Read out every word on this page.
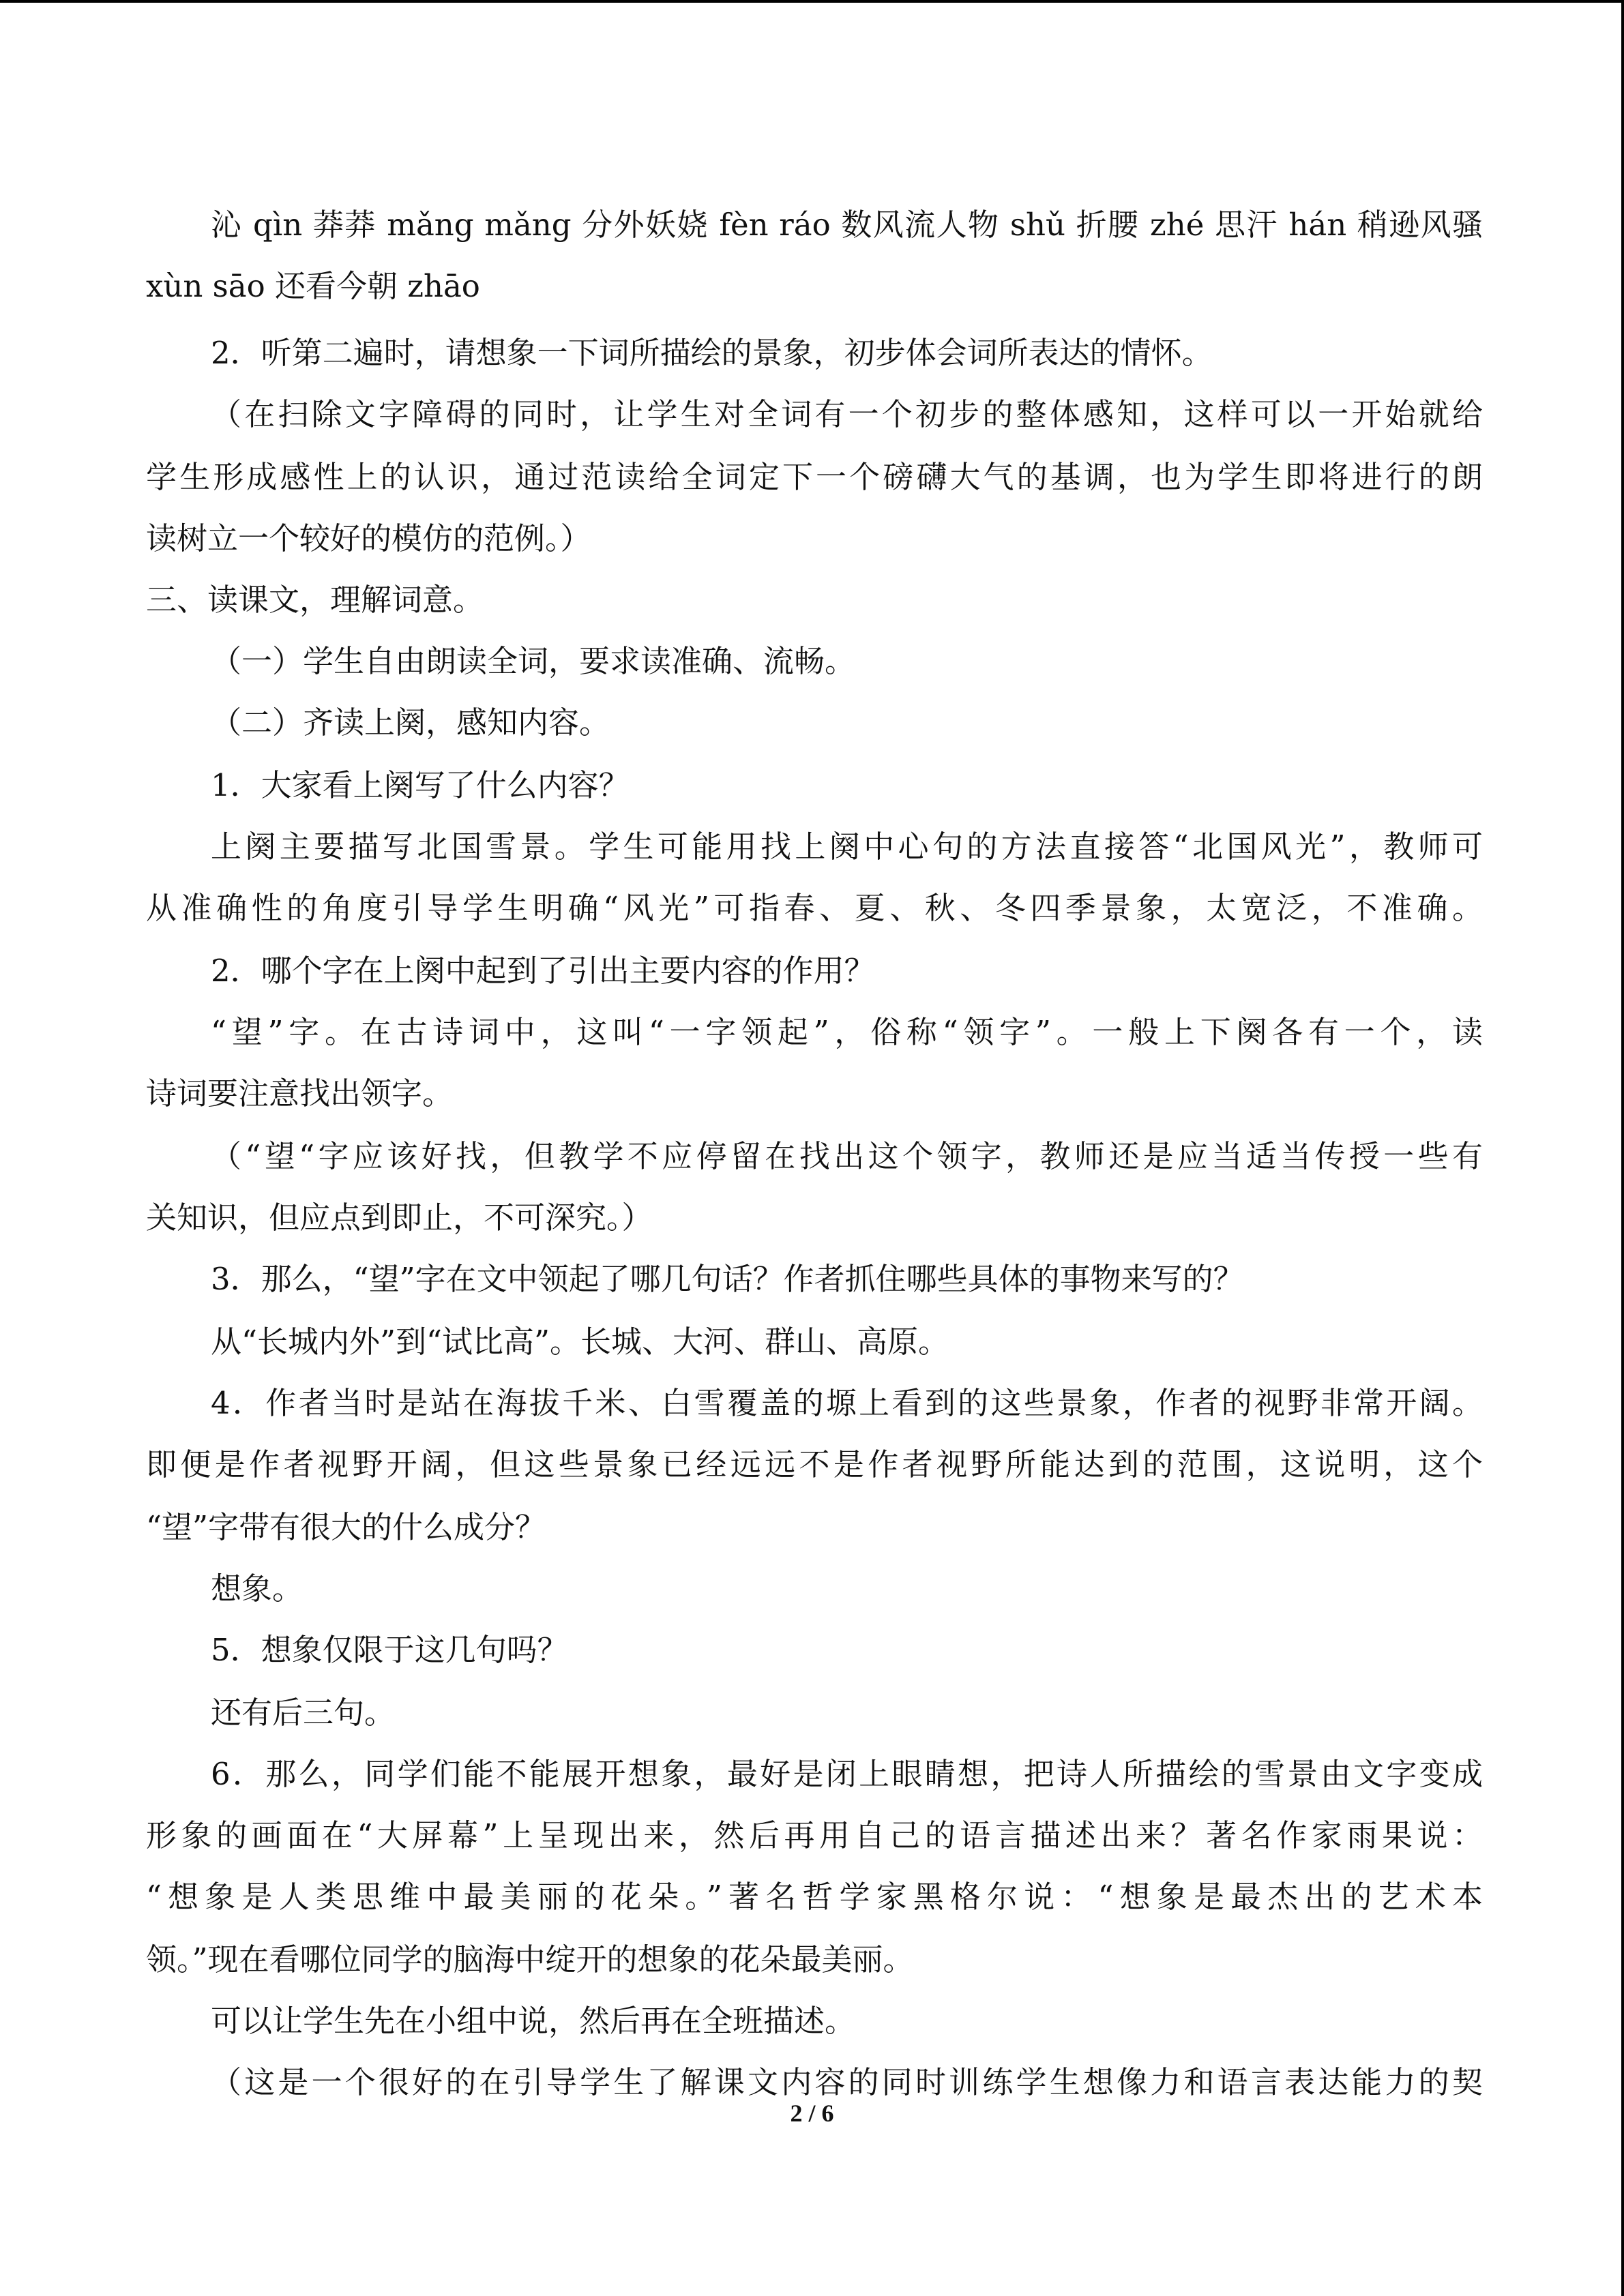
沁 qìn 莽莽 mǎng mǎng 分外妖娆 fèn ráo 数风流人物 shǔ 折腰 zhé 思汗 hán 稍逊风骚
xùn sāo 还看今朝 zhāo
2．听第二遍时，请想象一下词所描绘的景象，初步体会词所表达的情怀。
（在扫除文字障碍的同时，让学生对全词有一个初步的整体感知，这样可以一开始就给
学生形成感性上的认识，通过范读给全词定下一个磅礴大气的基调，也为学生即将进行的朗
读树立一个较好的模仿的范例。）
三、读课文，理解词意。
（一）学生自由朗读全词，要求读准确、流畅。
（二）齐读上阕，感知内容。
1．大家看上阕写了什么内容？
上阕主要描写北国雪景。学生可能用找上阕中心句的方法直接答“北国风光”，教师可
从准确性的角度引导学生明确“风光”可指春、夏、秋、冬四季景象，太宽泛，不准确。
2．哪个字在上阕中起到了引出主要内容的作用？
“望”字。在古诗词中，这叫“一字领起”，俗称“领字”。一般上下阕各有一个，读
诗词要注意找出领字。
（“望“字应该好找，但教学不应停留在找出这个领字，教师还是应当适当传授一些有
关知识，但应点到即止，不可深究。）
3．那么，“望”字在文中领起了哪几句话？作者抓住哪些具体的事物来写的？
从“长城内外”到“试比高”。长城、大河、群山、高原。
4．作者当时是站在海拔千米、白雪覆盖的塬上看到的这些景象，作者的视野非常开阔。
即便是作者视野开阔，但这些景象已经远远不是作者视野所能达到的范围，这说明，这个
“望”字带有很大的什么成分？
想象。
5．想象仅限于这几句吗？
还有后三句。
6．那么，同学们能不能展开想象，最好是闭上眼睛想，把诗人所描绘的雪景由文字变成
形象的画面在“大屏幕”上呈现出来，然后再用自己的语言描述出来？著名作家雨果说：
“想象是人类思维中最美丽的花朵。”著名哲学家黑格尔说：“想象是最杰出的艺术本
领。”现在看哪位同学的脑海中绽开的想象的花朵最美丽。
可以让学生先在小组中说，然后再在全班描述。
（这是一个很好的在引导学生了解课文内容的同时训练学生想像力和语言表达能力的契
2 / 6
